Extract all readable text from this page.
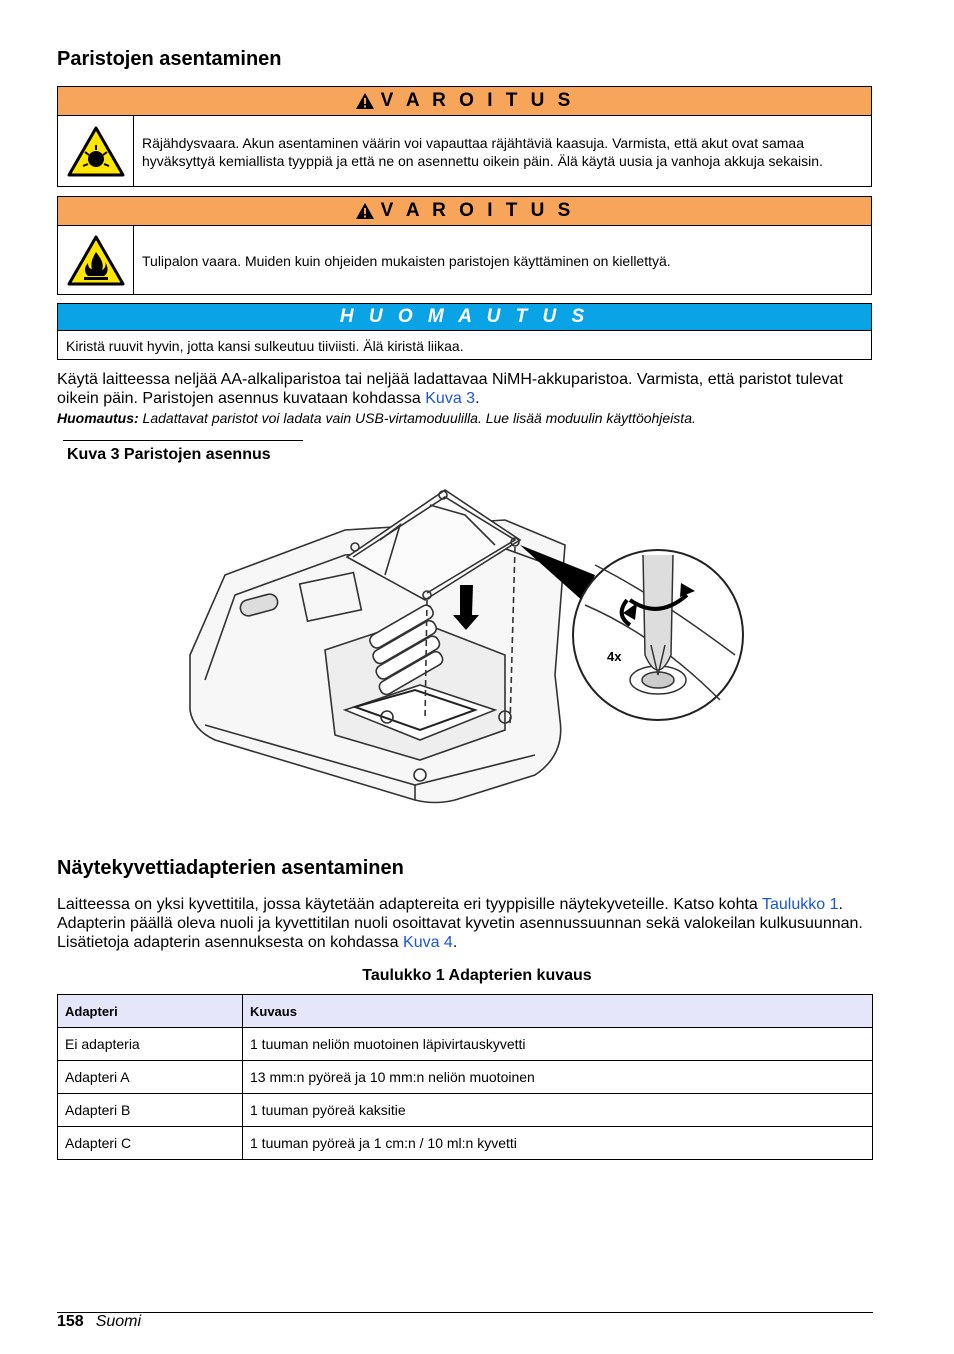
Paristojen asentaminen
V A R O I T U S
Räjähdysvaara. Akun asentaminen väärin voi vapauttaa räjähtäviä kaasuja. Varmista, että akut ovat samaa hyväksyttyä kemiallista tyyppiä ja että ne on asennettu oikein päin. Älä käytä uusia ja vanhoja akkuja sekaisin.
V A R O I T U S
Tulipalon vaara. Muiden kuin ohjeiden mukaisten paristojen käyttäminen on kiellettyä.
H U O M A U T U S
Kiristä ruuvit hyvin, jotta kansi sulkeutuu tiiviisti. Älä kiristä liikaa.
Käytä laitteessa neljää AA-alkaliparistoa tai neljää ladattavaa NiMH-akkuparistoa. Varmista, että paristot tulevat oikein päin. Paristojen asennus kuvataan kohdassa Kuva 3.
Huomautus: Ladattavat paristot voi ladata vain USB-virtamoduulilla. Lue lisää moduulin käyttöohjeista.
Kuva 3 Paristojen asennus
4x
Näytekyvettiadapterien asentaminen
Laitteessa on yksi kyvettitila, jossa käytetään adaptereita eri tyyppisille näytekyveteille. Katso kohta Taulukko 1. Adapterin päällä oleva nuoli ja kyvettitilan nuoli osoittavat kyvetin asennussuunnan sekä valokeilan kulkusuunnan. Lisätietoja adapterin asennuksesta on kohdassa Kuva 4.
Taulukko 1 Adapterien kuvaus
Adapteri	Kuvaus
Ei adapteria	1 tuuman neliön muotoinen läpivirtauskyvetti
Adapteri A	13 mm:n pyöreä ja 10 mm:n neliön muotoinen
Adapteri B	1 tuuman pyöreä kaksitie
Adapteri C	1 tuuman pyöreä ja 1 cm:n / 10 ml:n kyvetti
158 Suomi
